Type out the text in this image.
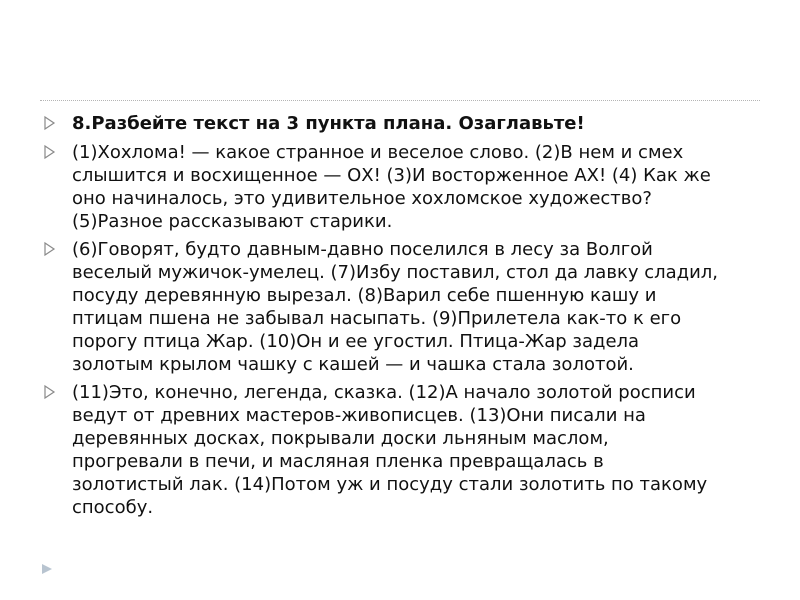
8.Разбейте текст на 3 пункта плана. Озаглавьте!
(1)Хохлома! — какое странное и веселое слово. (2)В нем и смех слышится и восхищенное — ОХ! (3)И восторженное АХ! (4) Как же оно начиналось, это удивительное хохломское художество? (5)Разное рассказывают старики.
(6)Говорят, будто давным-давно поселился в лесу за Волгой веселый мужичок-умелец. (7)Избу поставил, стол да лавку сладил, посуду деревянную вырезал. (8)Варил себе пшенную кашу и птицам пшена не забывал насыпать. (9)Прилетела как-то к его порогу птица Жар. (10)Он и ее угостил. Птица-Жар задела золотым крылом чашку с кашей — и чашка стала золотой.
(11)Это, конечно, легенда, сказка. (12)А начало золотой росписи ведут от древних мастеров-живописцев. (13)Они писали на деревянных досках, покрывали доски льняным маслом, прогревали в печи, и масляная пленка превращалась в золотистый лак. (14)Потом уж и посуду стали золотить по такому способу.
